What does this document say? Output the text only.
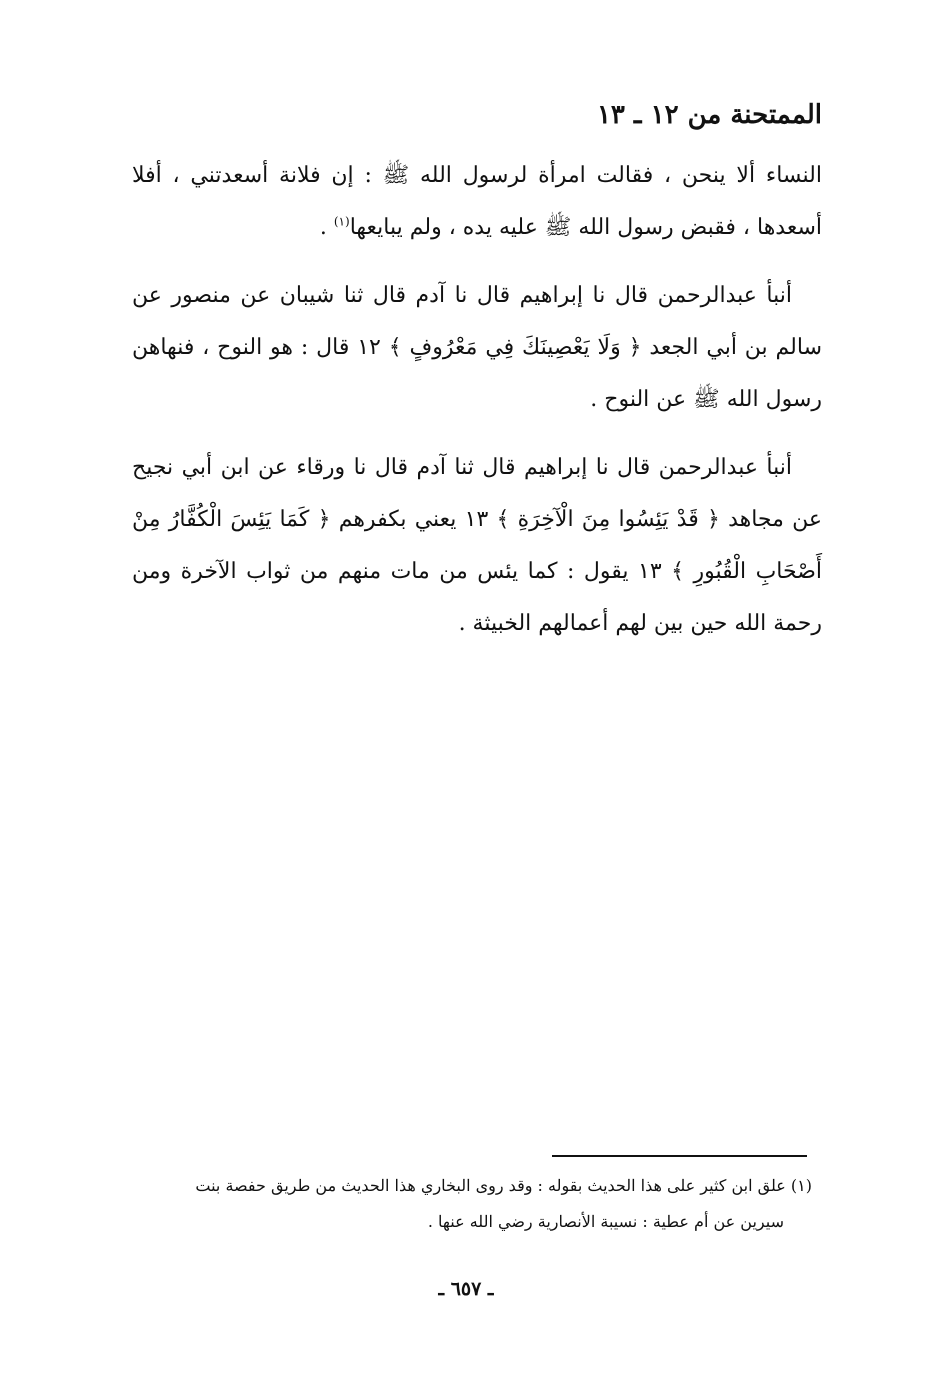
الممتحنة من ١٢ ـ ١٣

النساء ألا ينحن ، فقالت امرأة لرسول الله ﷺ : إن فلانة أسعدتني ، أفلا أسعدها ، فقبض رسول الله ﷺ عليه يده ، ولم يبايعها$^{(١)}$ .

أنبأ عبدالرحمن قال نا إبراهيم قال نا آدم قال ثنا شيبان عن منصور عن سالم بن أبي الجعد ﴿ وَلَا يَعْصِينَكَ فِي مَعْرُوفٍ ﴾ ١٢ قال : هو النوح ، فنهاهن رسول الله ﷺ عن النوح .

أنبأ عبدالرحمن قال نا إبراهيم قال ثنا آدم قال نا ورقاء عن ابن أبي نجيح عن مجاهد ﴿ قَدْ يَئِسُوا مِنَ الْآخِرَةِ ﴾ ١٣ يعني بكفرهم ﴿ كَمَا يَئِسَ الْكُفَّارُ مِنْ أَصْحَابِ الْقُبُورِ ﴾ ١٣ يقول : كما يئس من مات منهم من ثواب الآخرة ومن رحمة الله حين بين لهم أعمالهم الخبيثة .

(١) علق ابن كثير على هذا الحديث بقوله : وقد روى البخاري هذا الحديث من طريق حفصة بنت
سيرين عن أم عطية : نسيبة الأنصارية رضي الله عنها .
ـ ٦٥٧ ـ
